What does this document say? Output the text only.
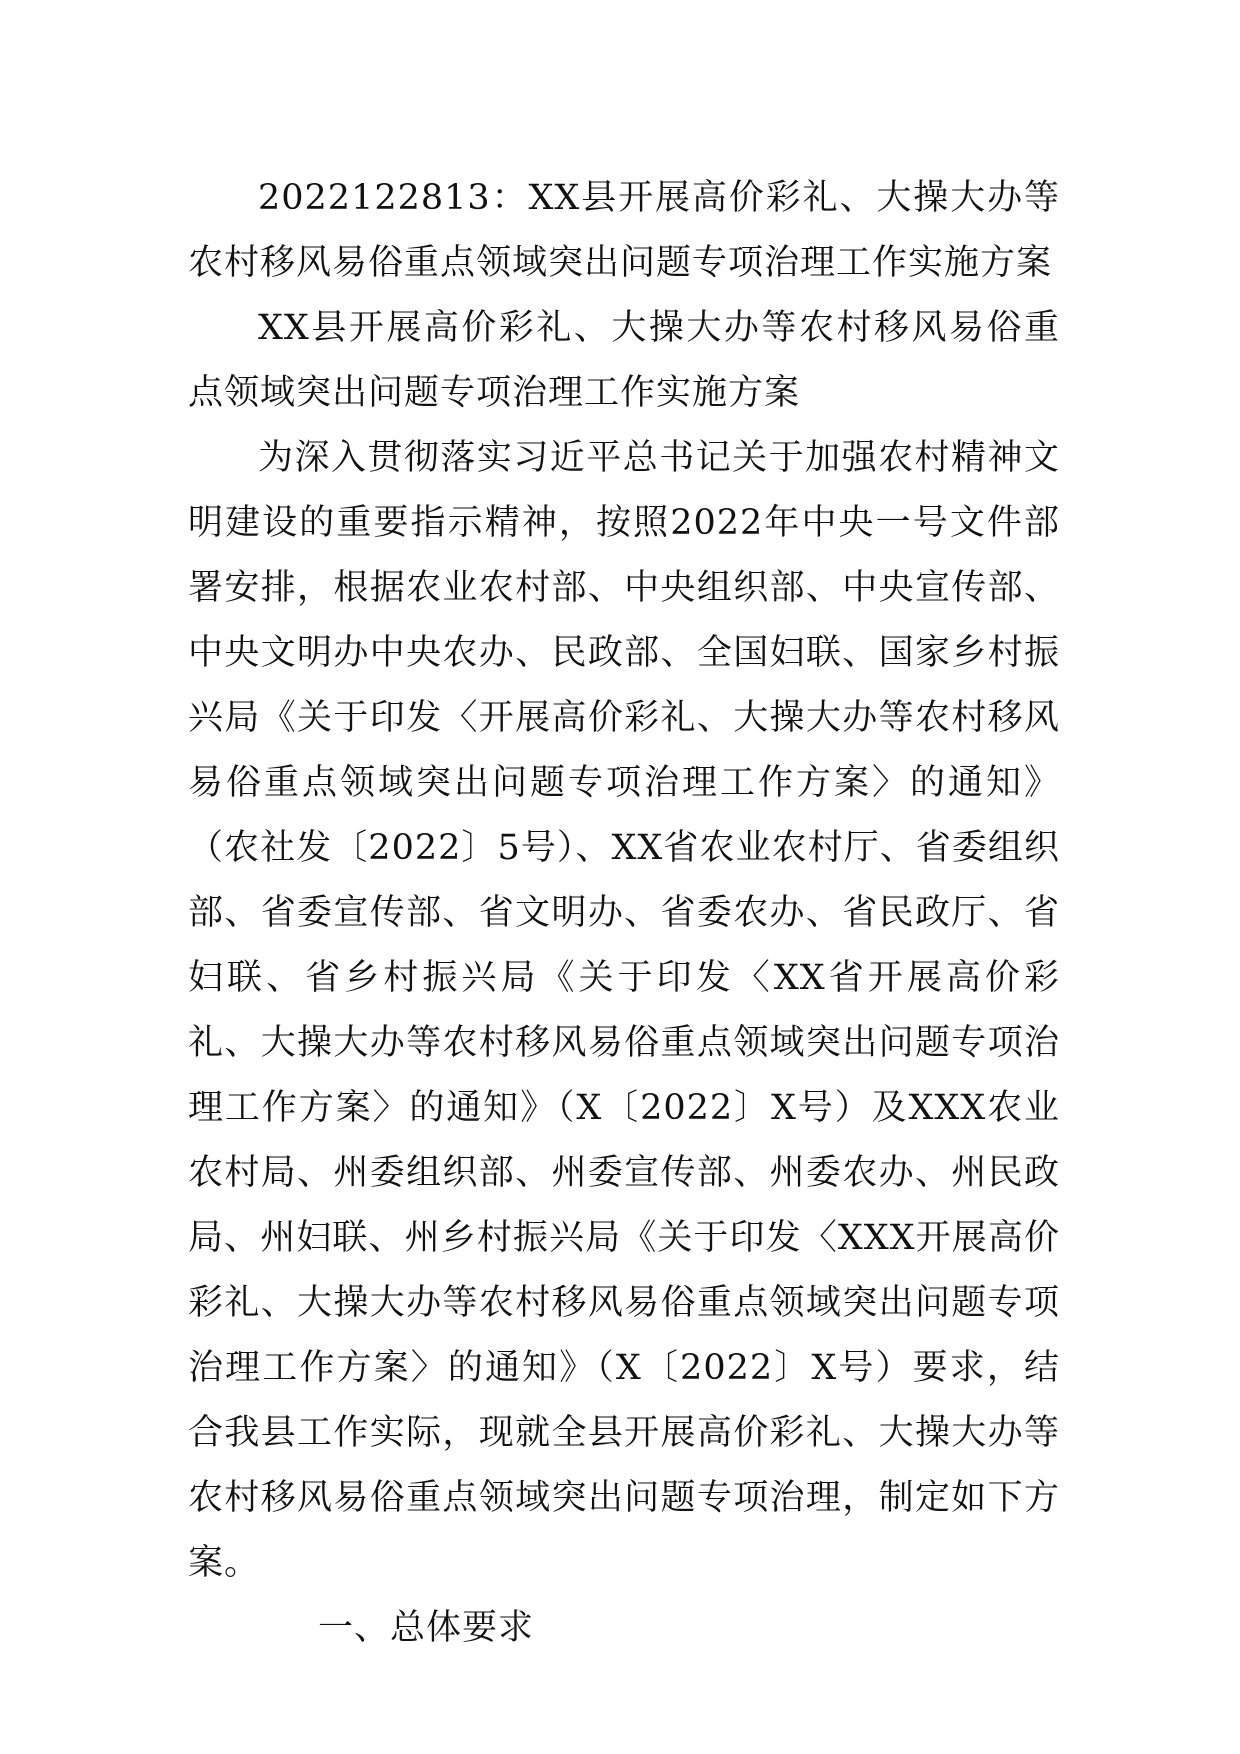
2022122813：XX县开展高价彩礼、大操大办等农村移风易俗重点领域突出问题专项治理工作实施方案

XX县开展高价彩礼、大操大办等农村移风易俗重点领域突出问题专项治理工作实施方案

为深入贯彻落实习近平总书记关于加强农村精神文明建设的重要指示精神，按照2022年中央一号文件部署安排，根据农业农村部、中央组织部、中央宣传部、中央文明办中央农办、民政部、全国妇联、国家乡村振兴局《关于印发〈开展高价彩礼、大操大办等农村移风易俗重点领域突出问题专项治理工作方案〉的通知》（农社发〔2022〕5号）、XX省农业农村厅、省委组织部、省委宣传部、省文明办、省委农办、省民政厅、省妇联、省乡村振兴局《关于印发〈XX省开展高价彩礼、大操大办等农村移风易俗重点领域突出问题专项治理工作方案〉的通知》（X〔2022〕X号）及XXX农业农村局、州委组织部、州委宣传部、州委农办、州民政局、州妇联、州乡村振兴局《关于印发〈XXX开展高价彩礼、大操大办等农村移风易俗重点领域突出问题专项治理工作方案〉的通知》（X〔2022〕X号）要求，结合我县工作实际，现就全县开展高价彩礼、大操大办等农村移风易俗重点领域突出问题专项治理，制定如下方案。

一、总体要求
